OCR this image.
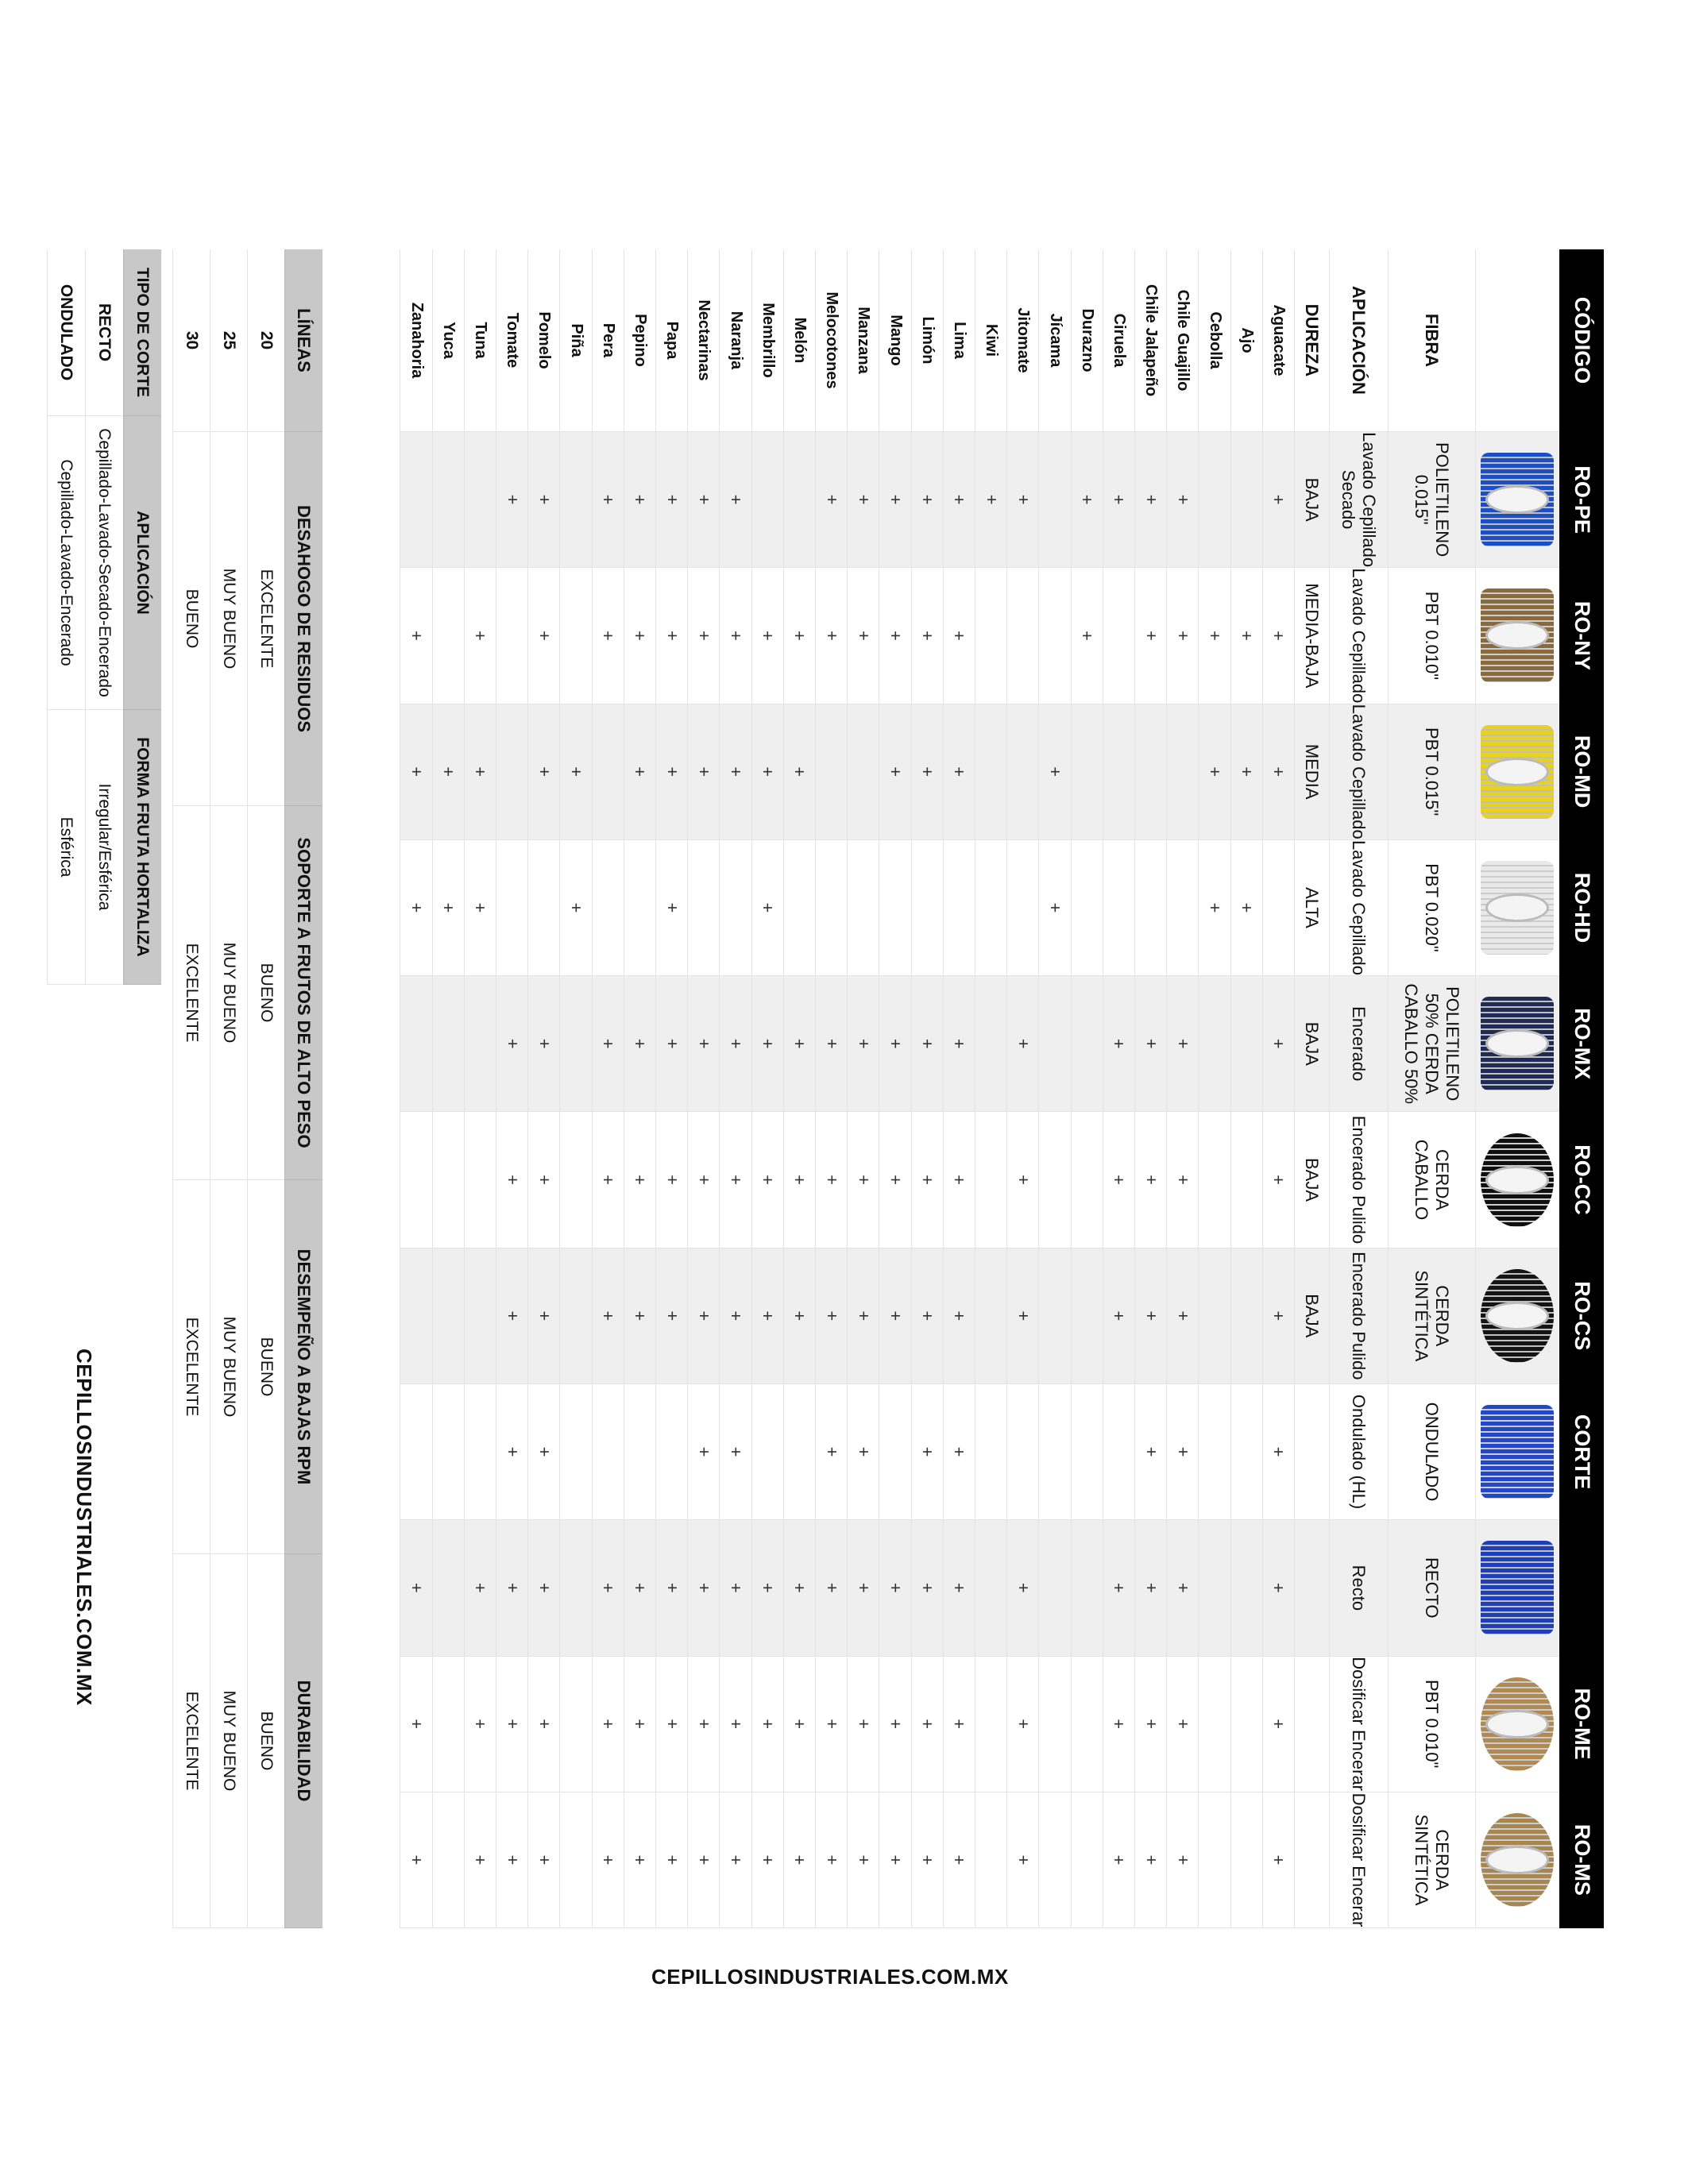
CÓDIGO
RO-PE
RO-NY
RO-MD
RO-HD
RO-MX
RO-CC
RO-CS
CORTE
RO-ME
RO-MS
FIBRA
POLIETILENO 0.015"
PBT 0.010"
PBT 0.015"
PBT 0.020"
POLIETILENO 50% CERDA CABALLO 50%
CERDA CABALLO
CERDA SINTÉTICA
ONDULADO
RECTO
PBT 0.010"
CERDA SINTÉTICA
APLICACIÓN
Lavado Cepillado Secado
Lavado Cepillado
Lavado Cepillado
Lavado Cepillado
Encerado
Encerado Pulido
Encerado Pulido
Ondulado (HL)
Recto
Dosificar Encerar
Dosificar Encerar
DUREZA
BAJA
MEDIA-BAJA
MEDIA
ALTA
BAJA
BAJA
BAJA
Aguacate
+
+
+
+
+
+
+
+
+
+
Ajo
+
+
+
Cebolla
+
+
+
Chile Guajillo
+
+
+
+
+
+
+
+
+
Chile Jalapeño
+
+
+
+
+
+
+
+
+
Ciruela
+
+
+
+
+
+
+
Durazno
+
+
Jícama
+
+
Jitomate
+
+
+
+
+
+
+
Kiwi
+
Lima
+
+
+
+
+
+
+
+
+
+
Limón
+
+
+
+
+
+
+
+
+
+
Mango
+
+
+
+
+
+
+
+
+
Manzana
+
+
+
+
+
+
+
+
+
Melocotones
+
+
+
+
+
+
+
+
+
Melón
+
+
+
+
+
+
+
+
Membrillo
+
+
+
+
+
+
+
+
+
Naranja
+
+
+
+
+
+
+
+
+
+
Nectarinas
+
+
+
+
+
+
+
+
+
+
Papa
+
+
+
+
+
+
+
+
+
+
Pepino
+
+
+
+
+
+
+
+
+
Pera
+
+
+
+
+
+
+
+
Piña
+
+
Pomelo
+
+
+
+
+
+
+
+
+
+
Tomate
+
+
+
+
+
+
+
+
Tuna
+
+
+
+
+
+
Yuca
+
+
Zanahoria
+
+
+
+
+
+
LÍNEAS
DESAHOGO DE RESIDUOS
SOPORTE A FRUTOS DE ALTO PESO
DESEMPEÑO A BAJAS RPM
DURABILIDAD
20
EXCELENTE
BUENO
BUENO
BUENO
25
MUY BUENO
MUY BUENO
MUY BUENO
MUY BUENO
30
BUENO
EXCELENTE
EXCELENTE
EXCELENTE
TIPO DE CORTE
APLICACIÓN
FORMA FRUTA HORTALIZA
RECTO
Cepillado-Lavado-Secado-Encerado
Irregular/Esférica
ONDULADO
Cepillado-Lavado-Encerado
Esférica
CEPILLOSINDUSTRIALES.COM.MX
CEPILLOSINDUSTRIALES.COM.MX
